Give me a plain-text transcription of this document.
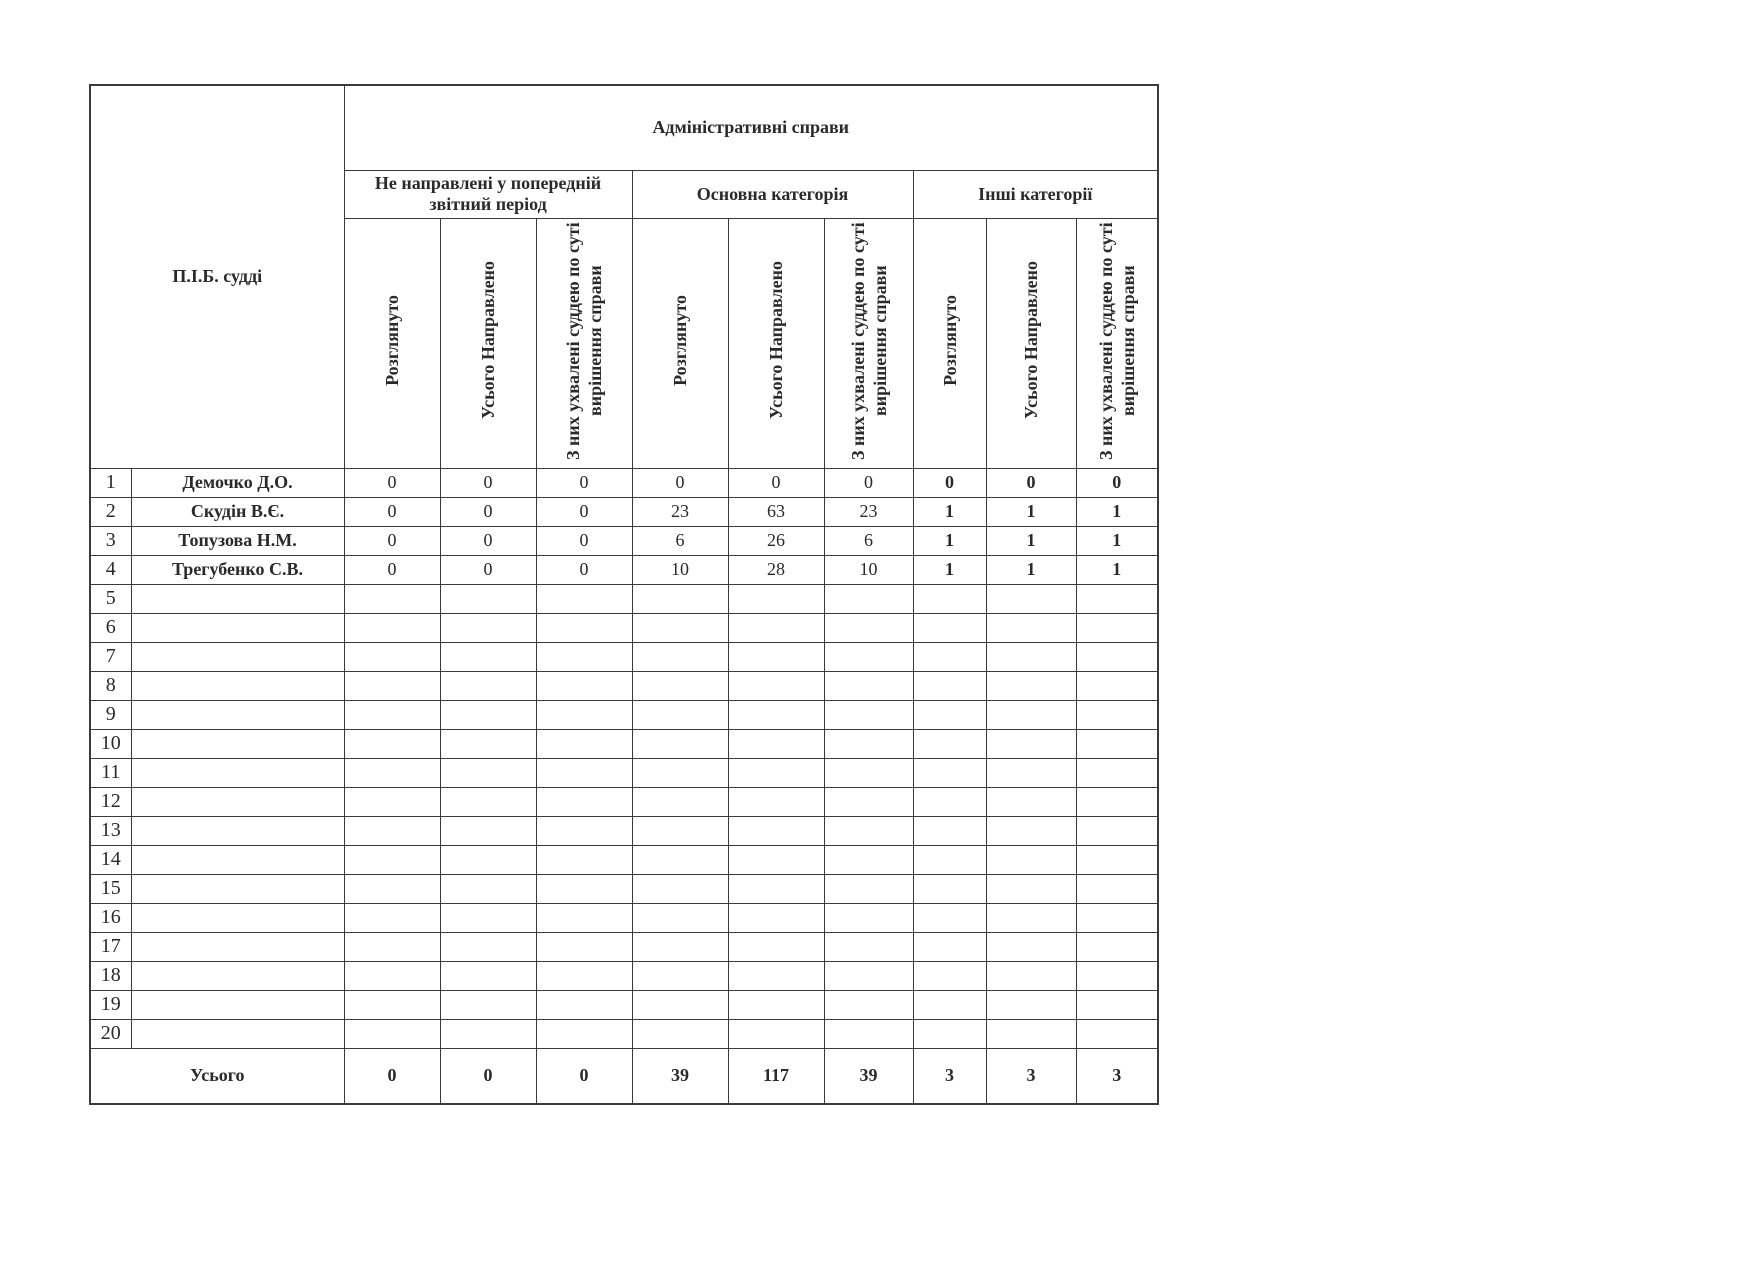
П.І.Б. судді		Адміністративні справи								
		Не направлені у попередній звітний період			Основна категорія			Інші категорії		
		Розглянуто	Усього Направлено	З них ухвалені суддею по суті вирішення справи	Розглянуто	Усього Направлено	З них ухвалені суддею по суті вирішення справи	Розглянуто	Усього Направлено	З них ухвалені суддею по суті вирішення справи
1	Демочко Д.О.	0	0	0	0	0	0	0	0	0
2	Скудін В.Є.	0	0	0	23	63	23	1	1	1
3	Топузова Н.М.	0	0	0	6	26	6	1	1	1
4	Трегубенко С.В.	0	0	0	10	28	10	1	1	1
5										
6										
7										
8										
9										
10										
11										
12										
13										
14										
15										
16										
17										
18										
19										
20										
Усього		0	0	0	39	117	39	3	3	3
